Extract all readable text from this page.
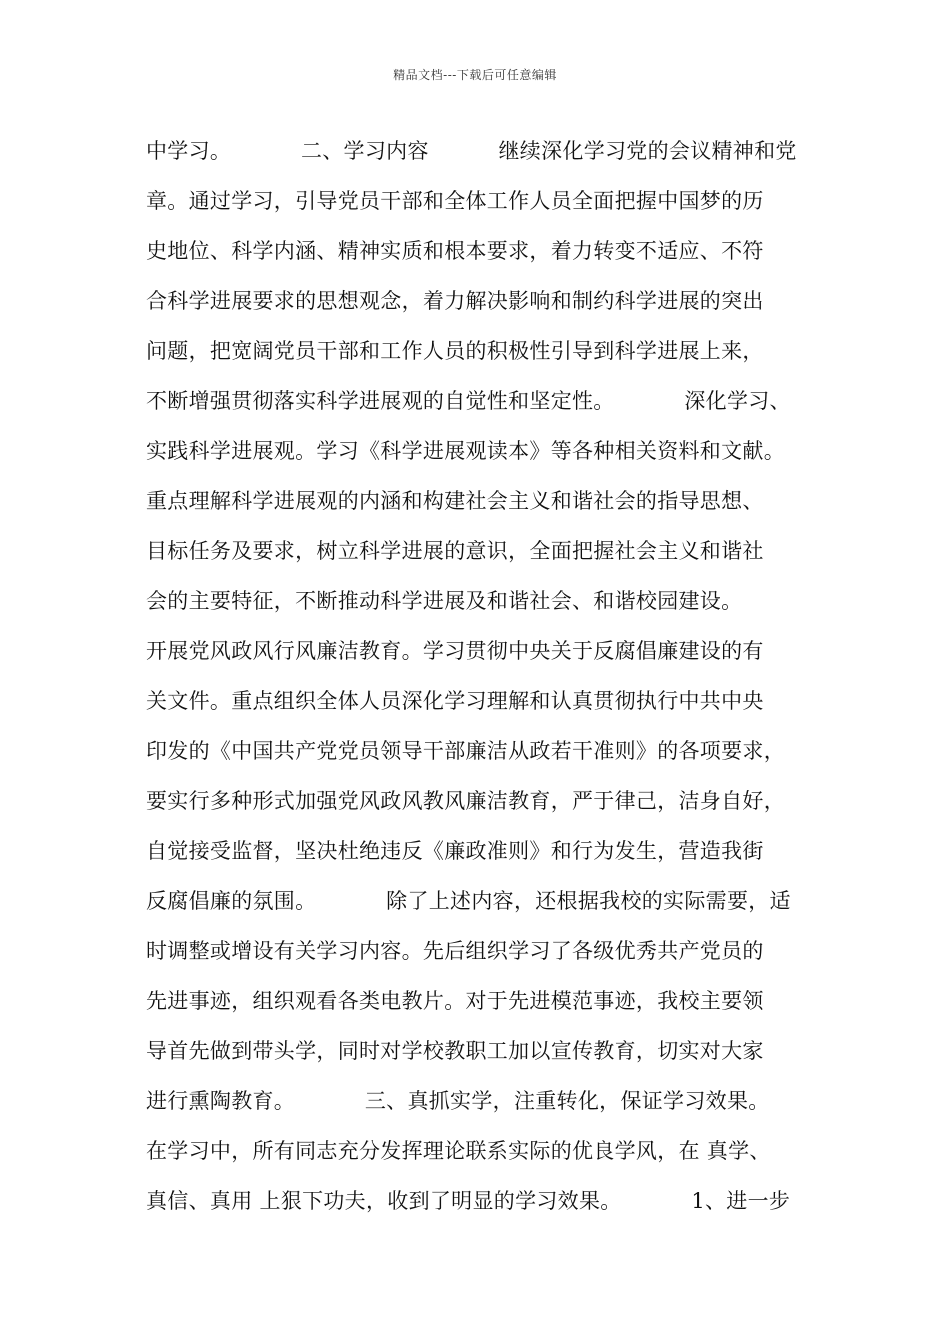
精品文档---下载后可任意编辑
中学习。          二、学习内容          继续深化学习党的会议精神和党
章。通过学习，引导党员干部和全体工作人员全面把握中国梦的历
史地位、科学内涵、精神实质和根本要求，着力转变不适应、不符
合科学进展要求的思想观念，着力解决影响和制约科学进展的突出
问题，把宽阔党员干部和工作人员的积极性引导到科学进展上来，
不断增强贯彻落实科学进展观的自觉性和坚定性。          深化学习、
实践科学进展观。学习《科学进展观读本》等各种相关资料和文献。
重点理解科学进展观的内涵和构建社会主义和谐社会的指导思想、
目标任务及要求，树立科学进展的意识，全面把握社会主义和谐社
会的主要特征，不断推动科学进展及和谐社会、和谐校园建设。
开展党风政风行风廉洁教育。学习贯彻中央关于反腐倡廉建设的有
关文件。重点组织全体人员深化学习理解和认真贯彻执行中共中央
印发的《中国共产党党员领导干部廉洁从政若干准则》的各项要求，
要实行多种形式加强党风政风教风廉洁教育，严于律己，洁身自好，
自觉接受监督，坚决杜绝违反《廉政准则》和行为发生，营造我街
反腐倡廉的氛围。          除了上述内容，还根据我校的实际需要，适
时调整或增设有关学习内容。先后组织学习了各级优秀共产党员的
先进事迹，组织观看各类电教片。对于先进模范事迹，我校主要领
导首先做到带头学，同时对学校教职工加以宣传教育，切实对大家
进行熏陶教育。          三、真抓实学，注重转化，保证学习效果。
在学习中，所有同志充分发挥理论联系实际的优良学风，在 真学、
真信、真用 上狠下功夫，收到了明显的学习效果。          1、进一步
